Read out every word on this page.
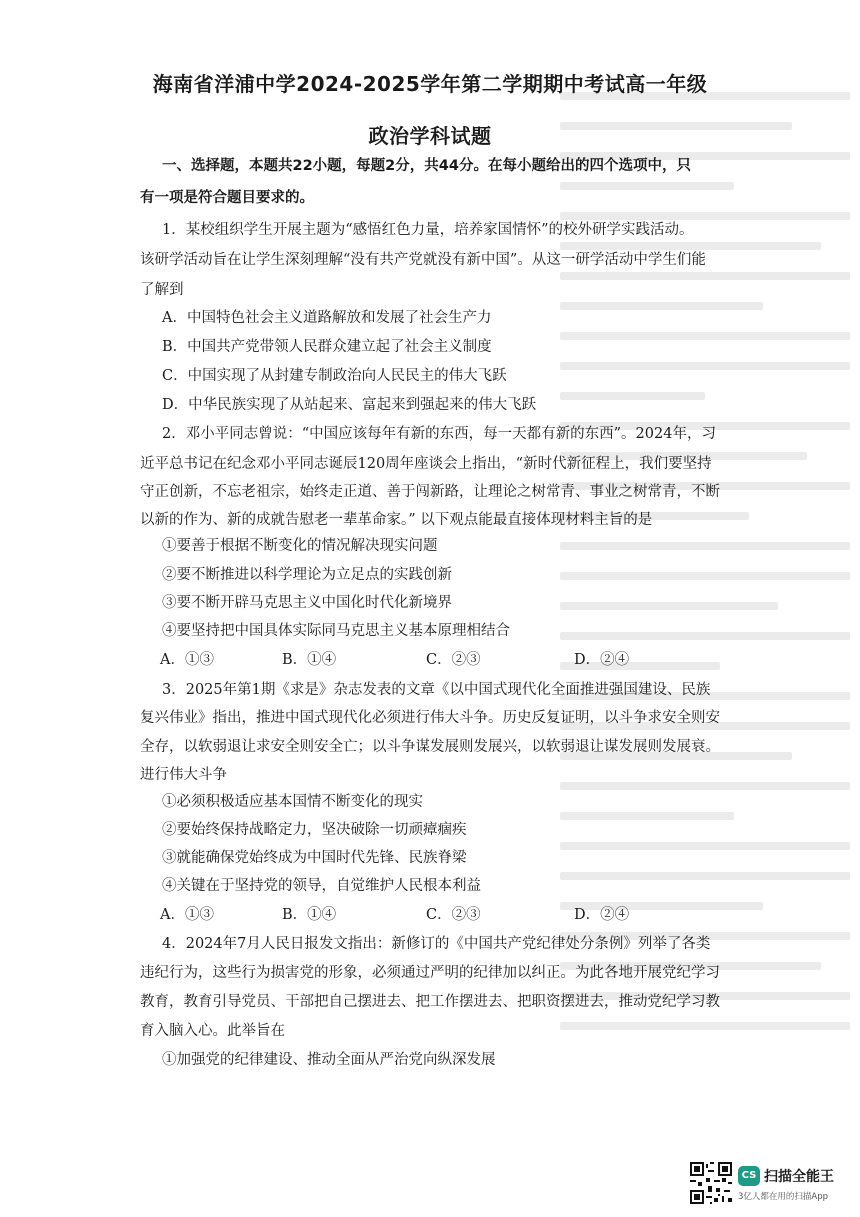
海南省洋浦中学2024-2025学年第二学期期中考试高一年级
政治学科试题
一、选择题，本题共22小题，每题2分，共44分。在每小题给出的四个选项中，只
有一项是符合题目要求的。
1．某校组织学生开展主题为“感悟红色力量，培养家国情怀”的校外研学实践活动。
该研学活动旨在让学生深刻理解“没有共产党就没有新中国”。从这一研学活动中学生们能
了解到
A．中国特色社会主义道路解放和发展了社会生产力
B．中国共产党带领人民群众建立起了社会主义制度
C．中国实现了从封建专制政治向人民民主的伟大飞跃
D．中华民族实现了从站起来、富起来到强起来的伟大飞跃
2．邓小平同志曾说：“中国应该每年有新的东西，每一天都有新的东西”。2024年，习
近平总书记在纪念邓小平同志诞辰120周年座谈会上指出，“新时代新征程上，我们要坚持
守正创新，不忘老祖宗，始终走正道、善于闯新路，让理论之树常青、事业之树常青，不断
以新的作为、新的成就告慰老一辈革命家。” 以下观点能最直接体现材料主旨的是
①要善于根据不断变化的情况解决现实问题
②要不断推进以科学理论为立足点的实践创新
③要不断开辟马克思主义中国化时代化新境界
④要坚持把中国具体实际同马克思主义基本原理相结合
A．①③	B．①④	C．②③	D．②④
3．2025年第1期《求是》杂志发表的文章《以中国式现代化全面推进强国建设、民族
复兴伟业》指出，推进中国式现代化必须进行伟大斗争。历史反复证明，以斗争求安全则安
全存，以软弱退让求安全则安全亡；以斗争谋发展则发展兴，以软弱退让谋发展则发展衰。
进行伟大斗争
①必须积极适应基本国情不断变化的现实
②要始终保持战略定力，坚决破除一切顽瘴痼疾
③就能确保党始终成为中国时代先锋、民族脊梁
④关键在于坚持党的领导，自觉维护人民根本利益
A．①③	B．①④	C．②③	D．②④
4．2024年7月人民日报发文指出：新修订的《中国共产党纪律处分条例》列举了各类
违纪行为，这些行为损害党的形象，必须通过严明的纪律加以纠正。为此各地开展党纪学习
教育，教育引导党员、干部把自己摆进去、把工作摆进去、把职资摆进去，推动党纪学习教
育入脑入心。此举旨在
①加强党的纪律建设、推动全面从严治党向纵深发展
CS 扫描全能王
3亿人都在用的扫描App
